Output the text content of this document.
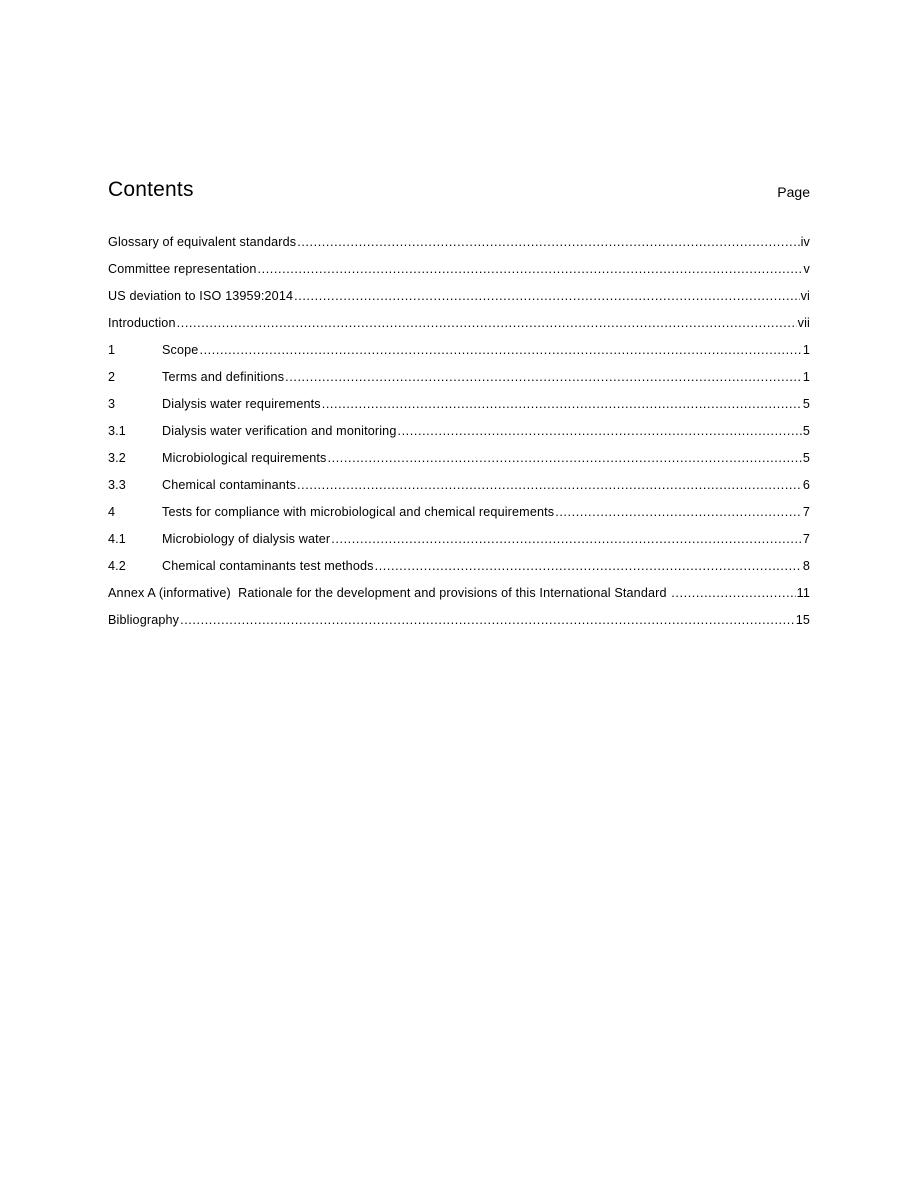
Contents	Page
Glossary of equivalent standards .....	iv
Committee representation .....	v
US deviation to ISO 13959:2014 .....	vi
Introduction .....	vii
1	Scope .....	1
2	Terms and definitions .....	1
3	Dialysis water requirements .....	5
3.1	Dialysis water verification and monitoring .....	5
3.2	Microbiological requirements .....	5
3.3	Chemical contaminants .....	6
4	Tests for compliance with microbiological and chemical requirements .....	7
4.1	Microbiology of dialysis water .....	7
4.2	Chemical contaminants test methods .....	8
Annex A (informative)  Rationale for the development and provisions of this International Standard .....	11
Bibliography .....	15
